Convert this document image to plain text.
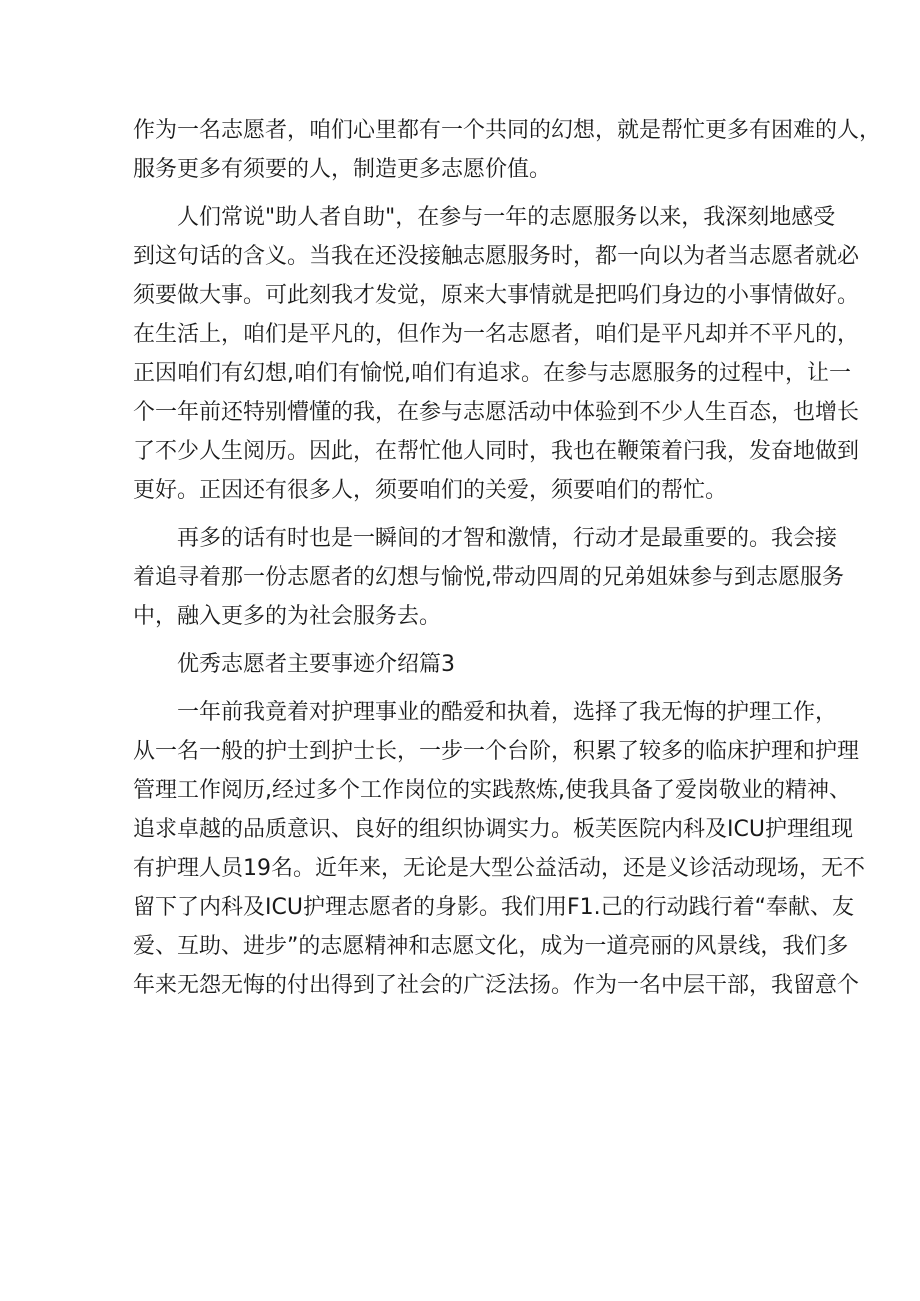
作为一名志愿者，咱们心里都有一个共同的幻想，就是帮忙更多有困难的人，
服务更多有须要的人，制造更多志愿价值。

人们常说"助人者自助"，在参与一年的志愿服务以来，我深刻地感受
到这句话的含义。当我在还没接触志愿服务时，都一向以为者当志愿者就必
须要做大事。可此刻我才发觉，原来大事情就是把呜们身边的小事情做好。
在生活上，咱们是平凡的，但作为一名志愿者，咱们是平凡却并不平凡的，
正因咱们有幻想,咱们有愉悦,咱们有追求。在参与志愿服务的过程中，让一
个一年前还特别懵懂的我，在参与志愿活动中体验到不少人生百态，也增长
了不少人生阅历。因此，在帮忙他人同时，我也在鞭策着闩我，发奋地做到
更好。正因还有很多人，须要咱们的关爱，须要咱们的帮忙。

再多的话有时也是一瞬间的才智和激情，行动才是最重要的。我会接
着追寻着那一份志愿者的幻想与愉悦,带动四周的兄弟姐妹参与到志愿服务
中，融入更多的为社会服务去。

优秀志愿者主要事迹介绍篇3

一年前我竟着对护理事业的酷爱和执着，选择了我无悔的护理工作，
从一名一般的护士到护士长，一步一个台阶，积累了较多的临床护理和护理
管理工作阅历,经过多个工作岗位的实践熬炼,使我具备了爱岗敬业的精神、
追求卓越的品质意识、良好的组织协调实力。板芙医院内科及ICU护理组现
有护理人员19名。近年来，无论是大型公益活动，还是义诊活动现场，无不
留下了内科及ICU护理志愿者的身影。我们用F1.己的行动践行着“奉献、友
爱、互助、进步”的志愿精神和志愿文化，成为一道亮丽的风景线，我们多
年来无怨无悔的付出得到了社会的广泛法扬。作为一名中层干部，我留意个
